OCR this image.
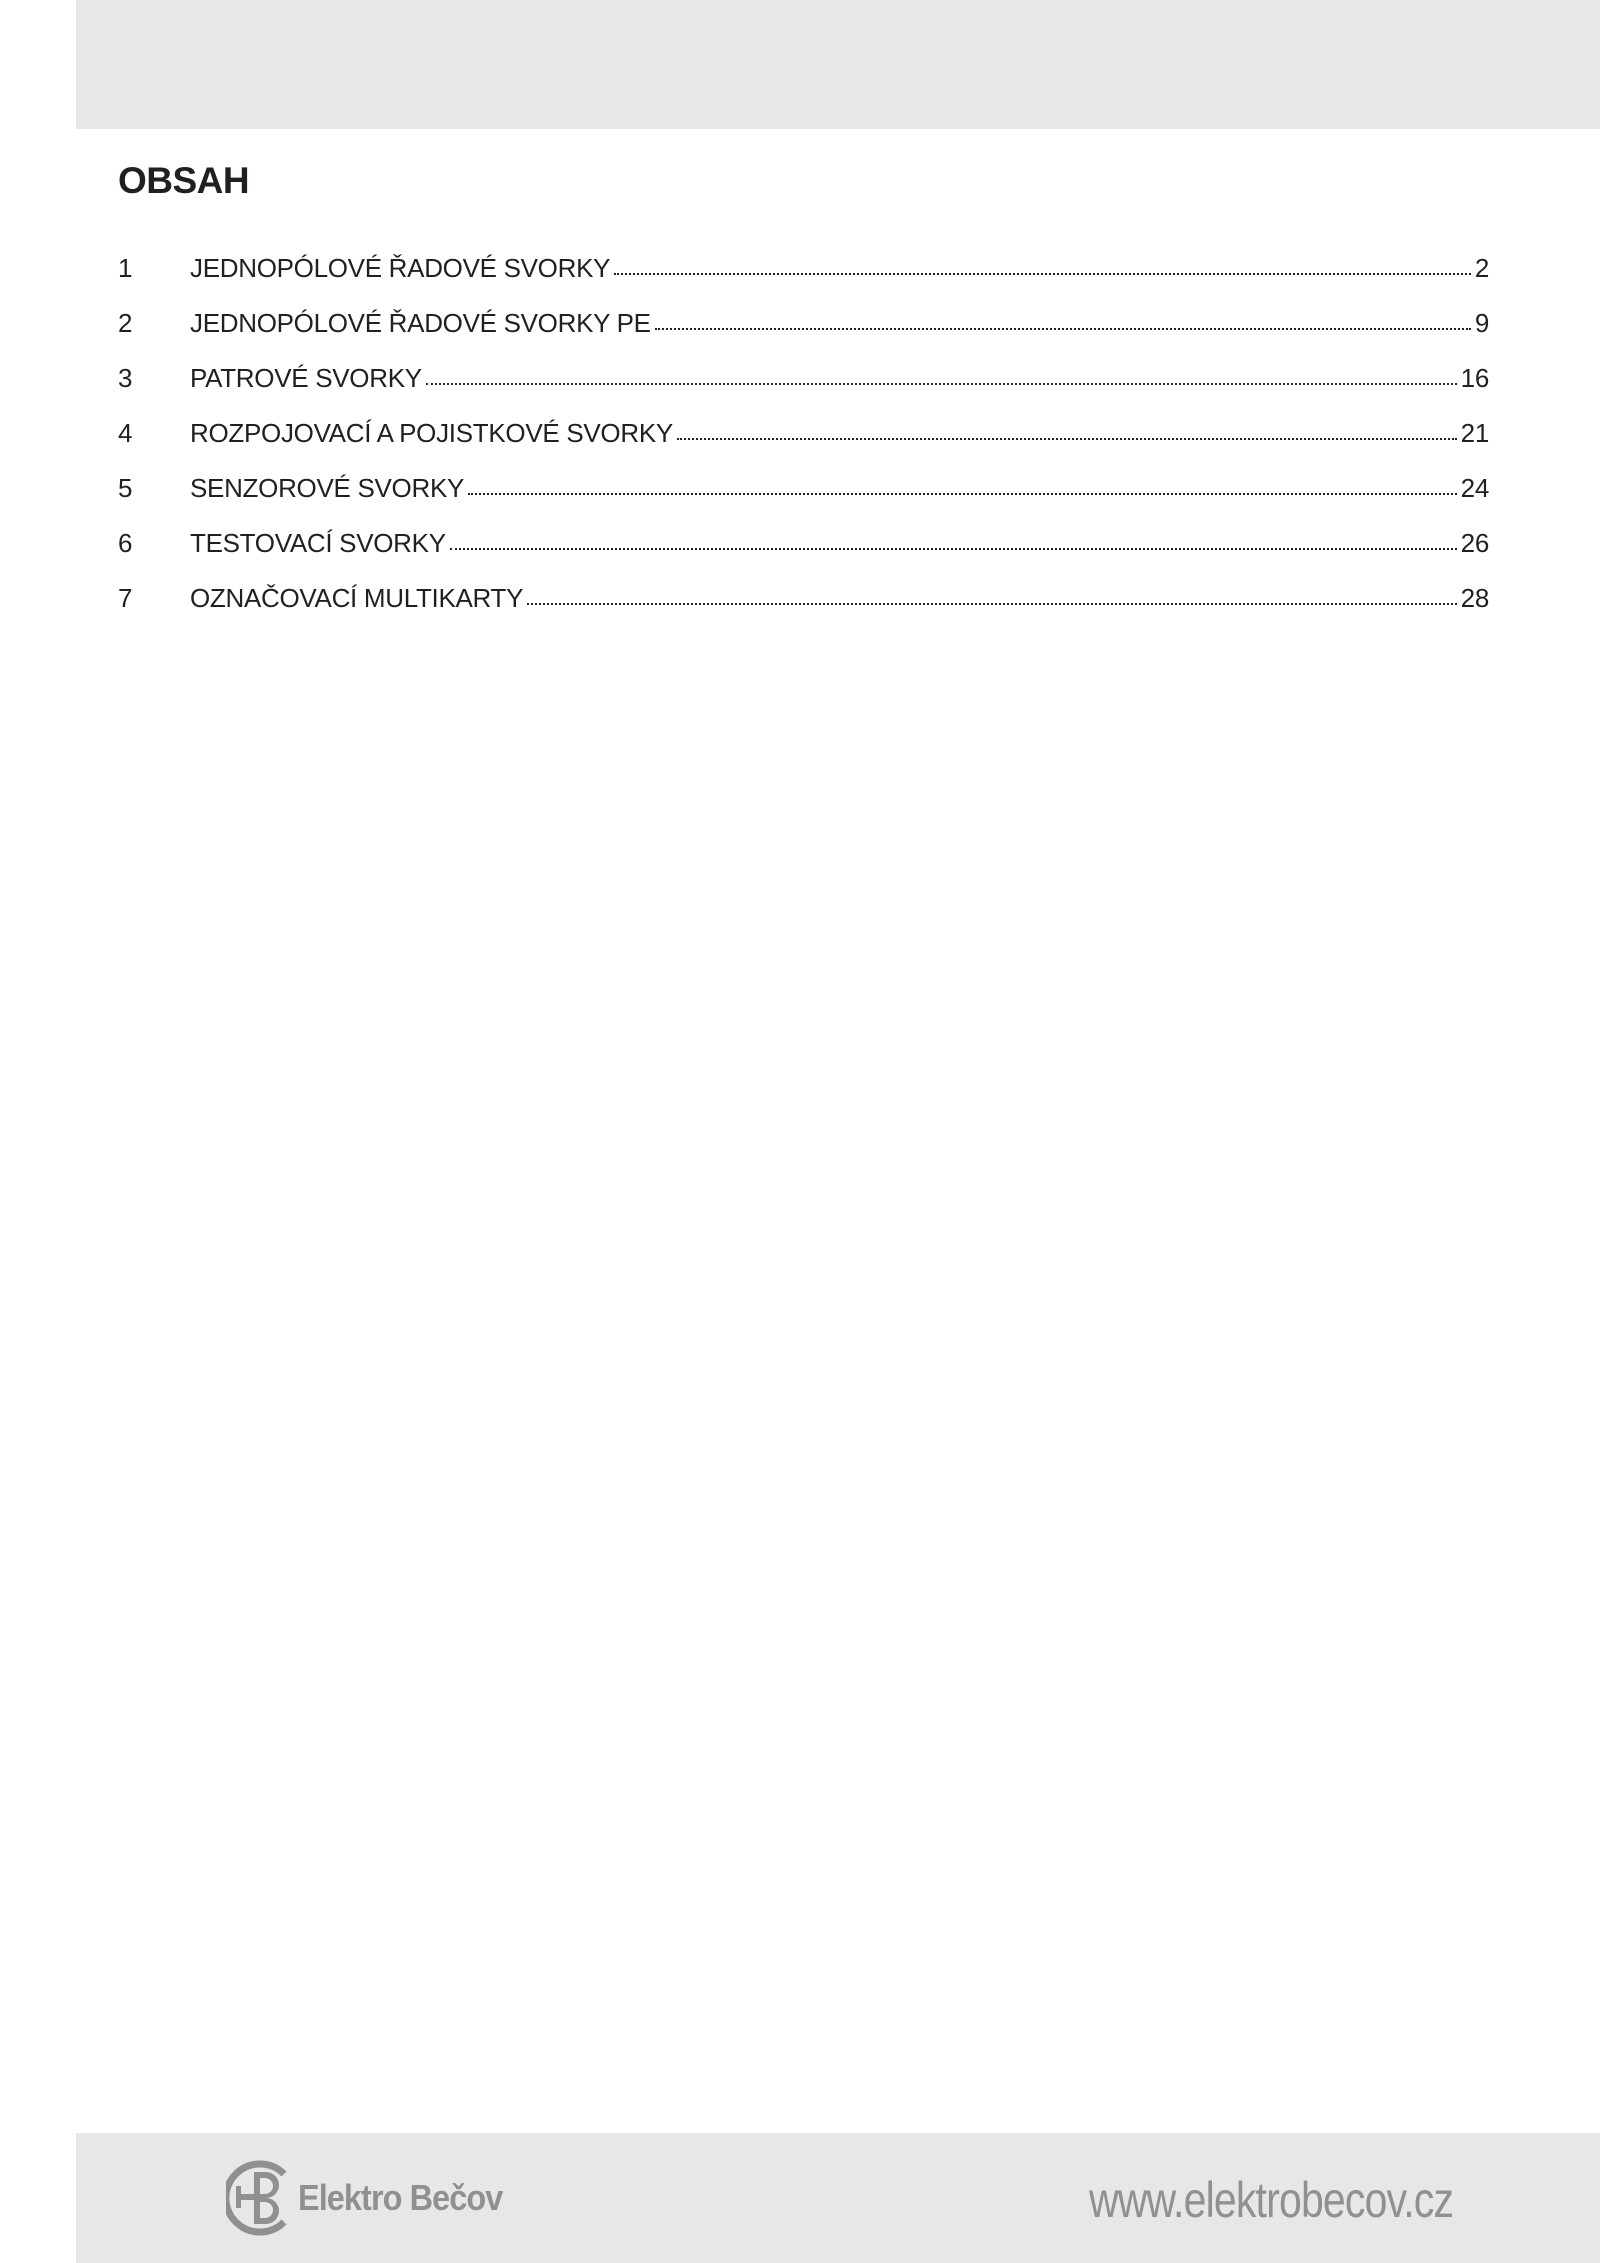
OBSAH
1	JEDNOPÓLOVÉ ŘADOVÉ SVORKY	2
2	JEDNOPÓLOVÉ ŘADOVÉ SVORKY PE	9
3	PATROVÉ SVORKY	16
4	ROZPOJOVACÍ A POJISTKOVÉ SVORKY	21
5	SENZOROVÉ SVORKY	24
6	TESTOVACÍ SVORKY	26
7	OZNAČOVACÍ MULTIKARTY	28
Elektro Bečov	www.elektrobecov.cz
